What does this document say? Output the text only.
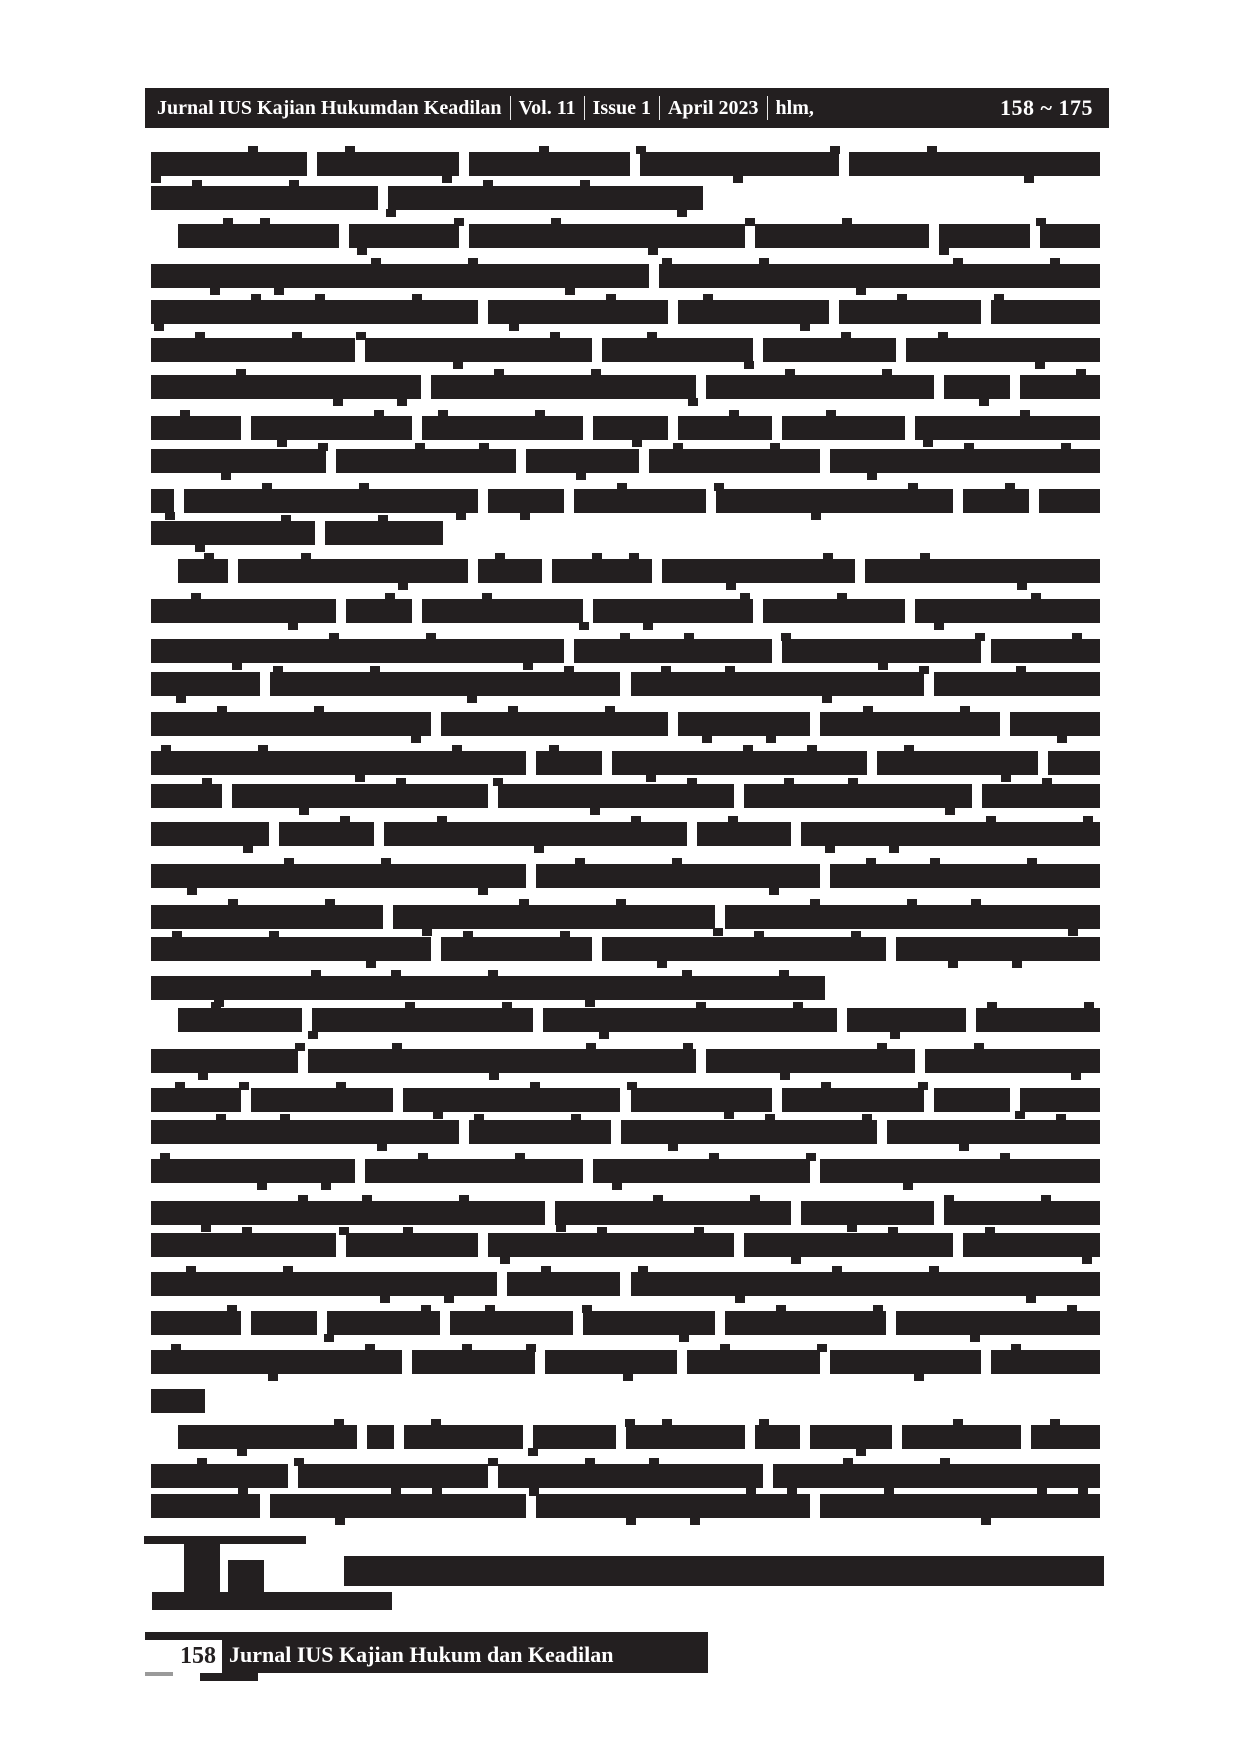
Jurnal IUS Kajian Hukumdan Keadilan Vol. 11 Issue 1 April 2023 hlm,	158 ~ 175
158 Jurnal IUS Kajian Hukum dan Keadilan
